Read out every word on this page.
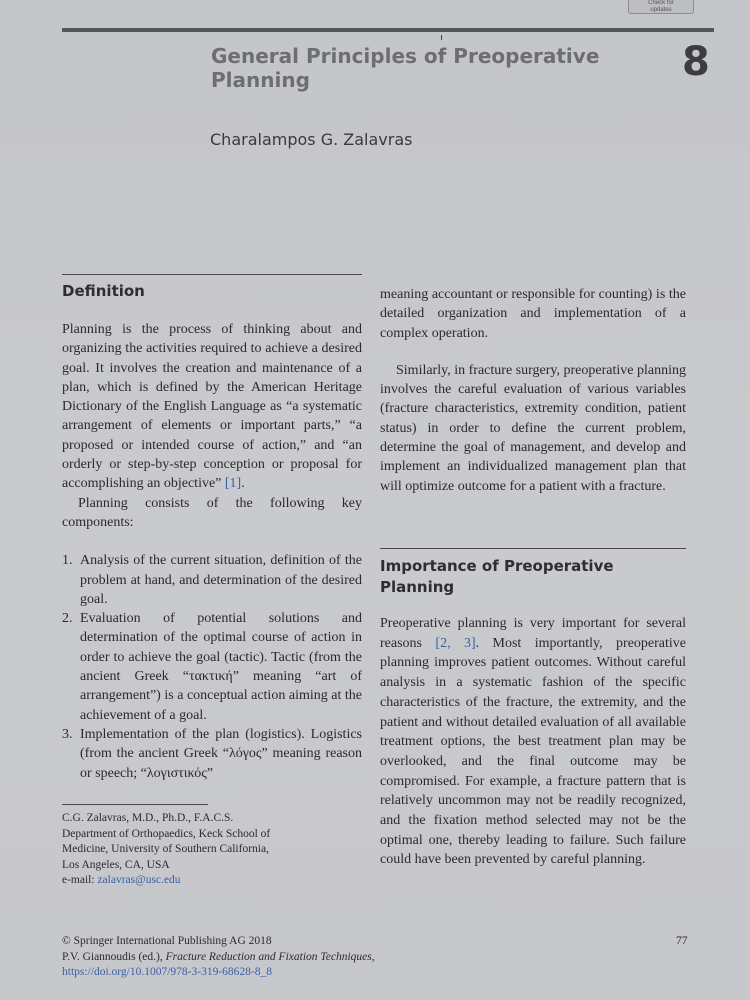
Check for
updates
General Principles of Preoperative Planning	8
Charalampos G. Zalavras
Definition

Planning is the process of thinking about and organizing the activities required to achieve a desired goal. It involves the creation and maintenance of a plan, which is defined by the American Heritage Dictionary of the English Language as “a systematic arrangement of elements or important parts,” “a proposed or intended course of action,” and “an orderly or step-by-step conception or proposal for accomplishing an objective” [1].

Planning consists of the following key components:

1. Analysis of the current situation, definition of the problem at hand, and determination of the desired goal.
2. Evaluation of potential solutions and determination of the optimal course of action in order to achieve the goal (tactic). Tactic (from the ancient Greek “τακτική” meaning “art of arrangement”) is a conceptual action aiming at the achievement of a goal.
3. Implementation of the plan (logistics). Logistics (from the ancient Greek “λόγος” meaning reason or speech; “λογιστικός”
C.G. Zalavras, M.D., Ph.D., F.A.C.S.
Department of Orthopaedics, Keck School of
Medicine, University of Southern California,
Los Angeles, CA, USA
e-mail: zalavras@usc.edu

meaning accountant or responsible for counting) is the detailed organization and implementation of a complex operation.

Similarly, in fracture surgery, preoperative planning involves the careful evaluation of various variables (fracture characteristics, extremity condition, patient status) in order to define the current problem, determine the goal of management, and develop and implement an individualized management plan that will optimize outcome for a patient with a fracture.

Importance of Preoperative Planning

Preoperative planning is very important for several reasons [2, 3]. Most importantly, preoperative planning improves patient outcomes. Without careful analysis in a systematic fashion of the specific characteristics of the fracture, the extremity, and the patient and without detailed evaluation of all available treatment options, the best treatment plan may be overlooked, and the final outcome may be compromised. For example, a fracture pattern that is relatively uncommon may not be readily recognized, and the fixation method selected may not be the optimal one, thereby leading to failure. Such failure could have been prevented by careful planning.

© Springer International Publishing AG 2018
P.V. Giannoudis (ed.), Fracture Reduction and Fixation Techniques,
https://doi.org/10.1007/978-3-319-68628-8_8
77
